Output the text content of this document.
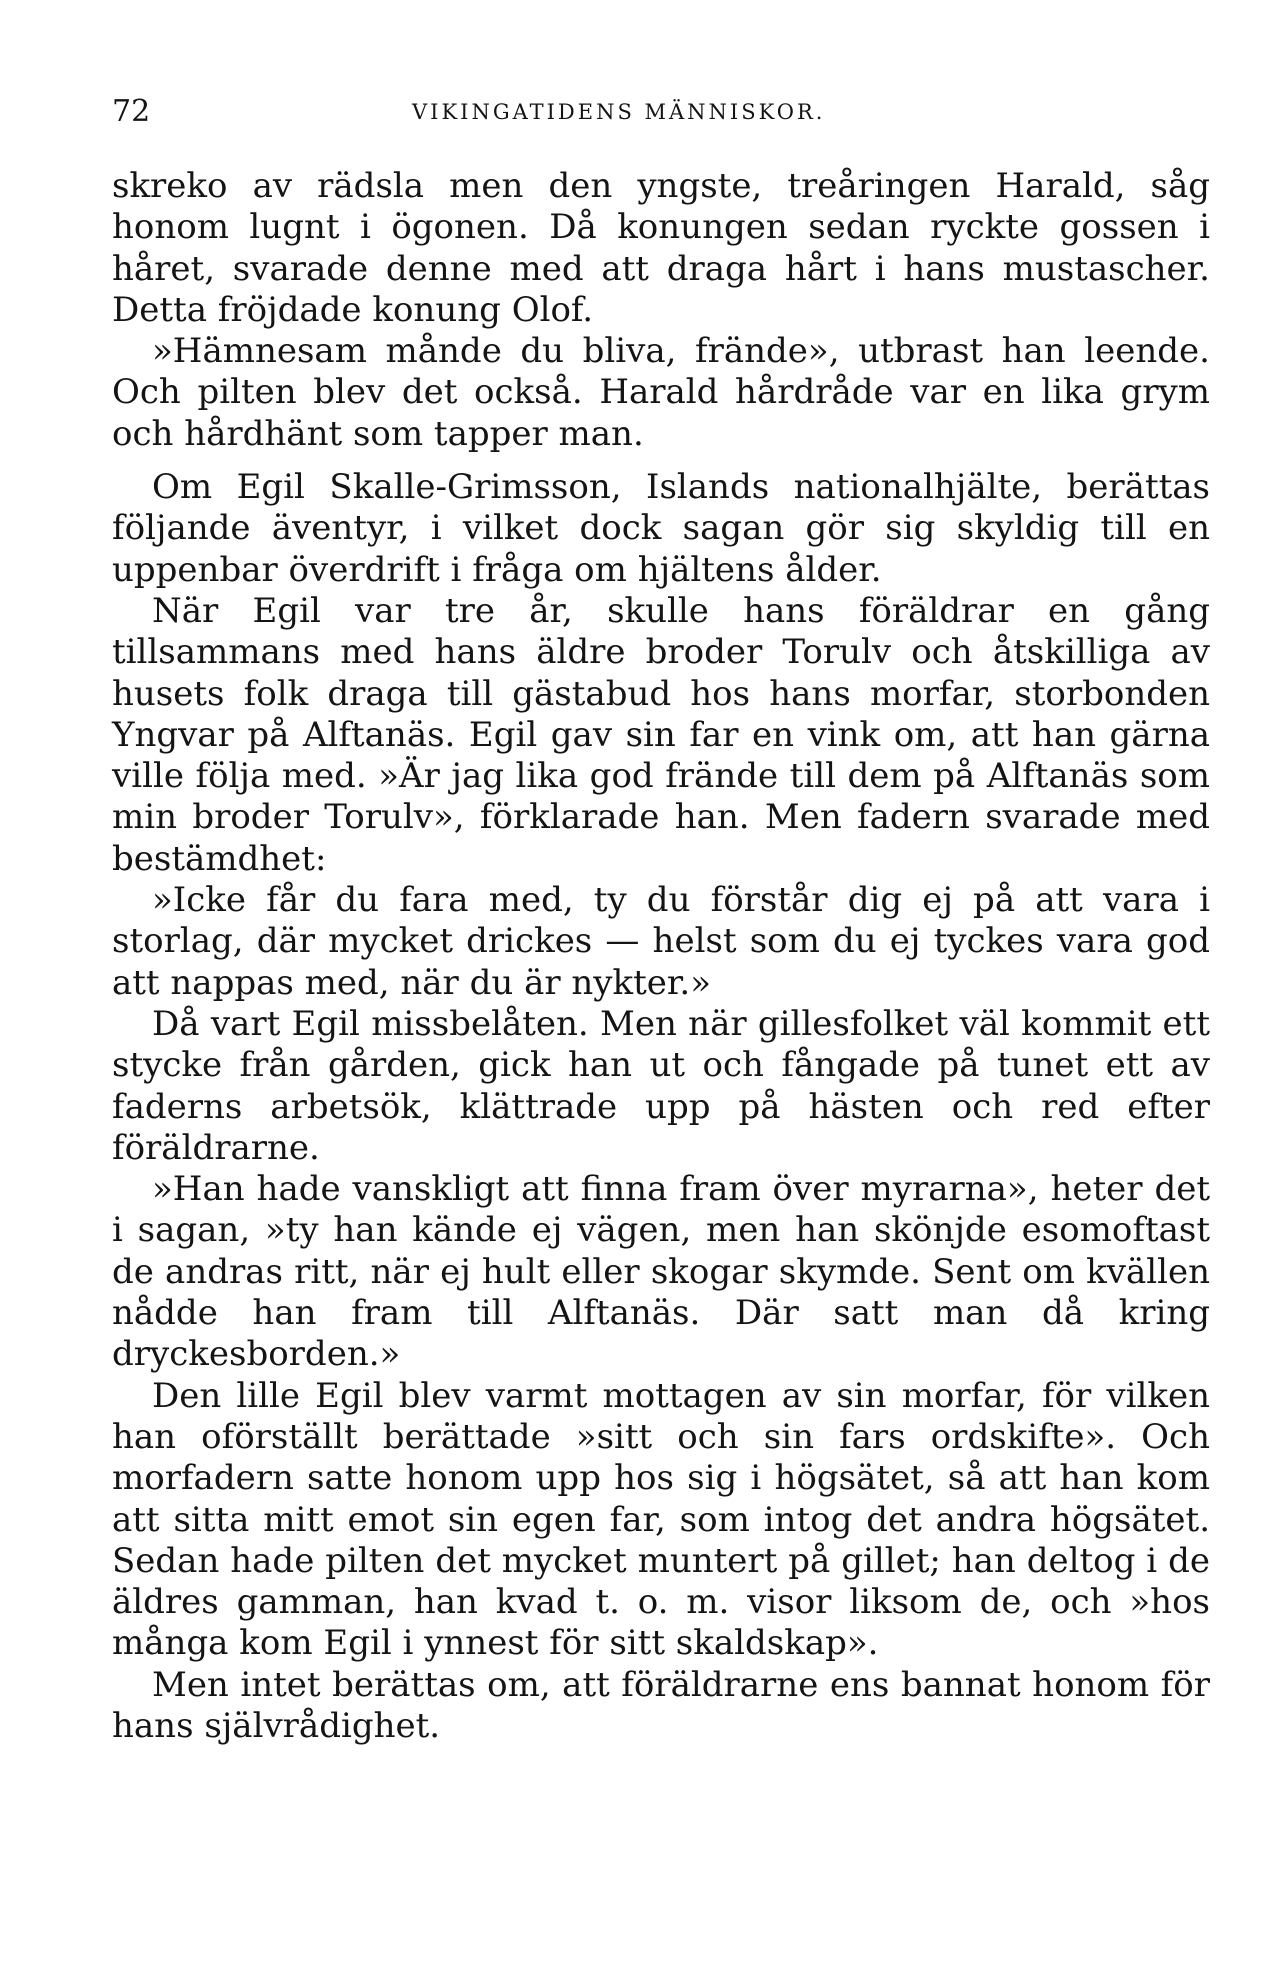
72	VIKINGATIDENS MÄNNISKOR.

skreko av rädsla men den yngste, treåringen Harald, såg honom lugnt i ögonen. Då konungen sedan ryckte gossen i håret, svarade denne med att draga hårt i hans mustascher. Detta fröjdade konung Olof.

»Hämnesam månde du bliva, frände», utbrast han leende. Och pilten blev det också. Harald hårdråde var en lika grym och hårdhänt som tapper man.

Om Egil Skalle-Grimsson, Islands nationalhjälte, berättas följande äventyr, i vilket dock sagan gör sig skyldig till en uppenbar överdrift i fråga om hjältens ålder.

När Egil var tre år, skulle hans föräldrar en gång tillsammans med hans äldre broder Torulv och åtskilliga av husets folk draga till gästabud hos hans morfar, storbonden Yngvar på Alftanäs. Egil gav sin far en vink om, att han gärna ville följa med. »Är jag lika god frände till dem på Alftanäs som min broder Torulv», förklarade han. Men fadern svarade med bestämdhet:

»Icke får du fara med, ty du förstår dig ej på att vara i storlag, där mycket drickes — helst som du ej tyckes vara god att nappas med, när du är nykter.»

Då vart Egil missbelåten. Men när gillesfolket väl kommit ett stycke från gården, gick han ut och fångade på tunet ett av faderns arbetsök, klättrade upp på hästen och red efter föräldrarne.

»Han hade vanskligt att finna fram över myrarna», heter det i sagan, »ty han kände ej vägen, men han skönjde esomoftast de andras ritt, när ej hult eller skogar skymde. Sent om kvällen nådde han fram till Alftanäs. Där satt man då kring dryckesborden.»

Den lille Egil blev varmt mottagen av sin morfar, för vilken han oförställt berättade »sitt och sin fars ordskifte». Och morfadern satte honom upp hos sig i högsätet, så att han kom att sitta mitt emot sin egen far, som intog det andra högsätet. Sedan hade pilten det mycket muntert på gillet; han deltog i de äldres gamman, han kvad t. o. m. visor liksom de, och »hos många kom Egil i ynnest för sitt skaldskap».

Men intet berättas om, att föräldrarne ens bannat honom för hans självrådighet.
